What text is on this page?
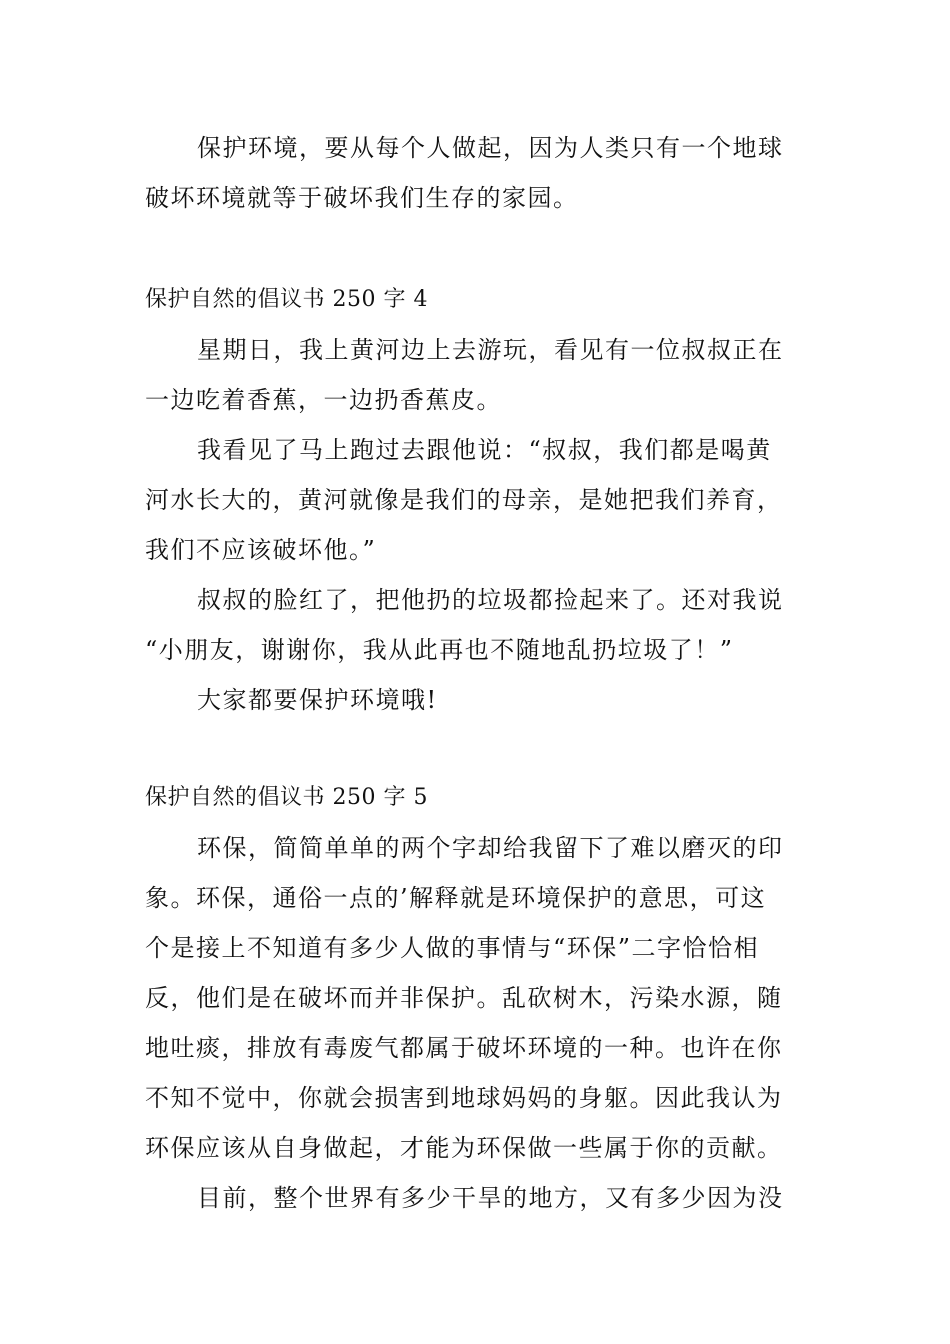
保护环境，要从每个人做起，因为人类只有一个地球
破坏环境就等于破坏我们生存的家园。

保护自然的倡议书 250 字 4

星期日，我上黄河边上去游玩，看见有一位叔叔正在
一边吃着香蕉，一边扔香蕉皮。

我看见了马上跑过去跟他说：“叔叔，我们都是喝黄
河水长大的，黄河就像是我们的母亲，是她把我们养育，
我们不应该破坏他。”

叔叔的脸红了，把他扔的垃圾都捡起来了。还对我说
“小朋友，谢谢你，我从此再也不随地乱扔垃圾了！”

大家都要保护环境哦!

保护自然的倡议书 250 字 5

环保，简简单单的两个字却给我留下了难以磨灭的印
象。环保，通俗一点的’解释就是环境保护的意思，可这
个是接上不知道有多少人做的事情与“环保”二字恰恰相
反，他们是在破坏而并非保护。乱砍树木，污染水源，随
地吐痰，排放有毒废气都属于破坏环境的一种。也许在你
不知不觉中，你就会损害到地球妈妈的身躯。因此我认为
环保应该从自身做起，才能为环保做一些属于你的贡献。

目前，整个世界有多少干旱的地方，又有多少因为没
